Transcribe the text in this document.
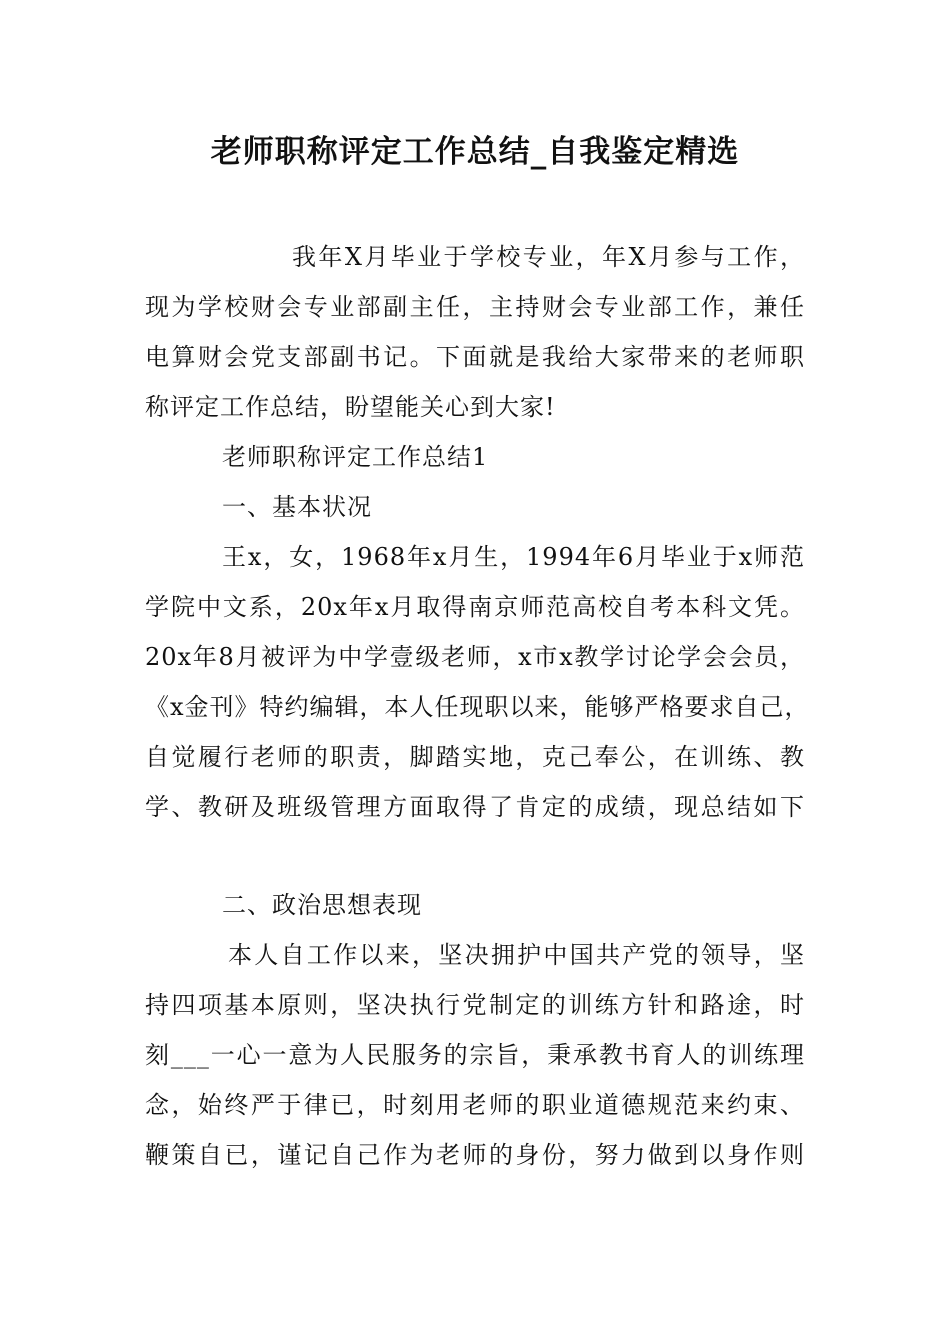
老师职称评定工作总结_自我鉴定精选
我年X月毕业于学校专业，年X月参与工作，
现为学校财会专业部副主任，主持财会专业部工作，兼任
电算财会党支部副书记。下面就是我给大家带来的老师职
称评定工作总结，盼望能关心到大家!
老师职称评定工作总结1
一、基本状况
王x，女，1968年x月生，1994年6月毕业于x师范
学院中文系，20x年x月取得南京师范高校自考本科文凭。
20x年8月被评为中学壹级老师，x市x教学讨论学会会员，
《x金刊》特约编辑，本人任现职以来，能够严格要求自己，
自觉履行老师的职责，脚踏实地，克己奉公，在训练、教
学、教研及班级管理方面取得了肯定的成绩，现总结如下
二、政治思想表现
本人自工作以来，坚决拥护中国共产党的领导，坚
持四项基本原则，坚决执行党制定的训练方针和路途，时
刻___一心一意为人民服务的宗旨，秉承教书育人的训练理
念，始终严于律已，时刻用老师的职业道德规范来约束、
鞭策自已，谨记自己作为老师的身份，努力做到以身作则
